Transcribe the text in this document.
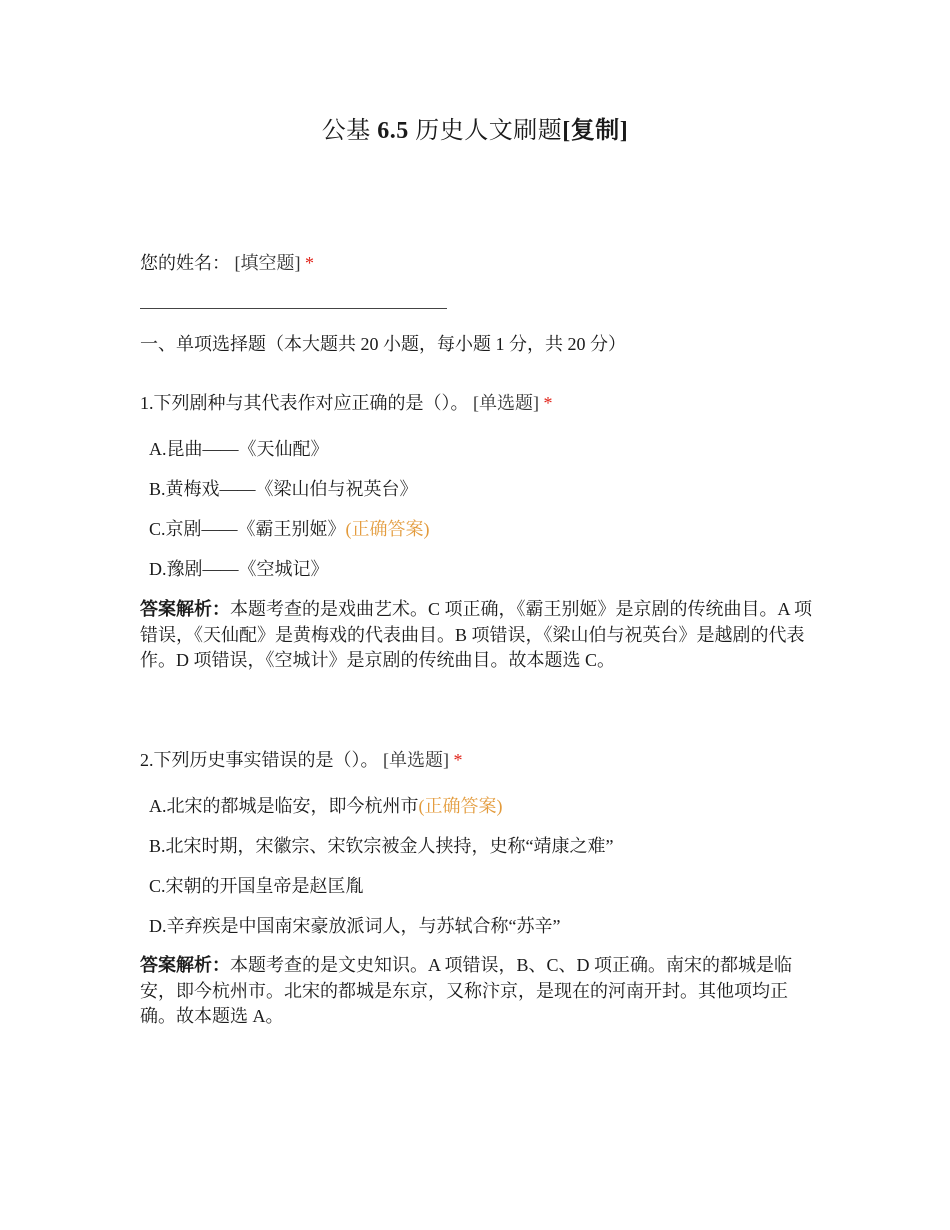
公基 6.5 历史人文刷题[复制]
您的姓名： [填空题] *
一、单项选择题（本大题共 20 小题，每小题 1 分，共 20 分）
1.下列剧种与其代表作对应正确的是（）。 [单选题] *
A.昆曲——《天仙配》
B.黄梅戏——《梁山伯与祝英台》
C.京剧——《霸王别姬》(正确答案)
D.豫剧——《空城记》
答案解析：本题考查的是戏曲艺术。C 项正确，《霸王别姬》是京剧的传统曲目。A 项错误，《天仙配》是黄梅戏的代表曲目。B 项错误，《梁山伯与祝英台》是越剧的代表作。D 项错误，《空城计》是京剧的传统曲目。故本题选 C。
2.下列历史事实错误的是（）。 [单选题] *
A.北宋的都城是临安，即今杭州市(正确答案)
B.北宋时期，宋徽宗、宋钦宗被金人挟持，史称“靖康之难”
C.宋朝的开国皇帝是赵匡胤
D.辛弃疾是中国南宋豪放派词人，与苏轼合称“苏辛”
答案解析：本题考查的是文史知识。A 项错误，B、C、D 项正确。南宋的都城是临安，即今杭州市。北宋的都城是东京，又称汴京，是现在的河南开封。其他项均正确。故本题选 A。
